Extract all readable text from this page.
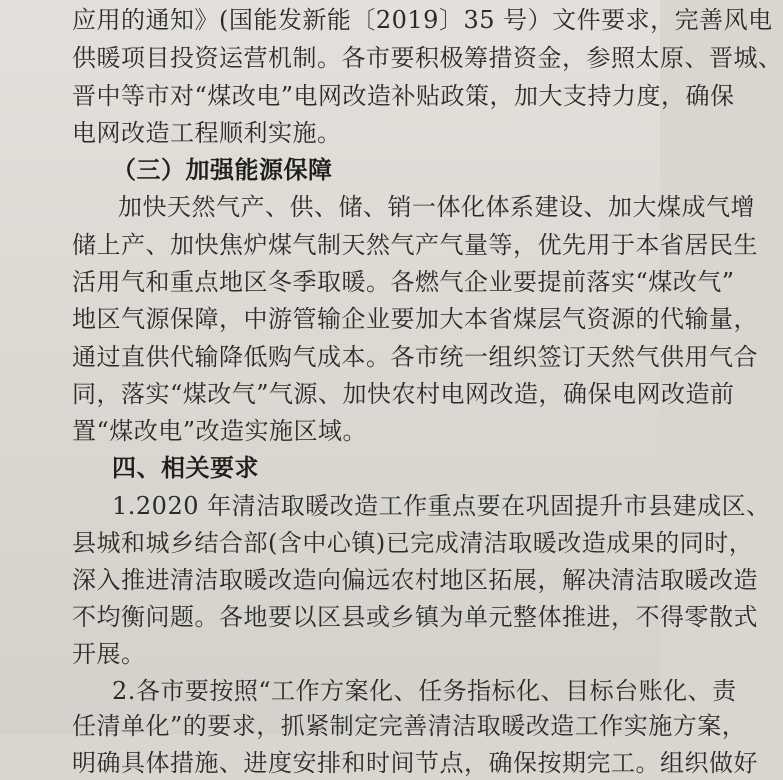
应用的通知》(国能发新能〔2019〕35 号）文件要求，完善风电
供暖项目投资运营机制。各市要积极筹措资金，参照太原、晋城、
晋中等市对“煤改电”电网改造补贴政策，加大支持力度，确保
电网改造工程顺利实施。
（三）加强能源保障
加快天然气产、供、储、销一体化体系建设、加大煤成气增
储上产、加快焦炉煤气制天然气产气量等，优先用于本省居民生
活用气和重点地区冬季取暖。各燃气企业要提前落实“煤改气”
地区气源保障，中游管输企业要加大本省煤层气资源的代输量，
通过直供代输降低购气成本。各市统一组织签订天然气供用气合
同，落实“煤改气”气源、加快农村电网改造，确保电网改造前
置“煤改电”改造实施区域。
四、相关要求
1.2020 年清洁取暖改造工作重点要在巩固提升市县建成区、
县城和城乡结合部(含中心镇)已完成清洁取暖改造成果的同时，
深入推进清洁取暖改造向偏远农村地区拓展，解决清洁取暖改造
不均衡问题。各地要以区县或乡镇为单元整体推进，不得零散式
开展。
2.各市要按照“工作方案化、任务指标化、目标台账化、责
任清单化”的要求，抓紧制定完善清洁取暖改造工作实施方案，
明确具体措施、进度安排和时间节点，确保按期完工。组织做好
